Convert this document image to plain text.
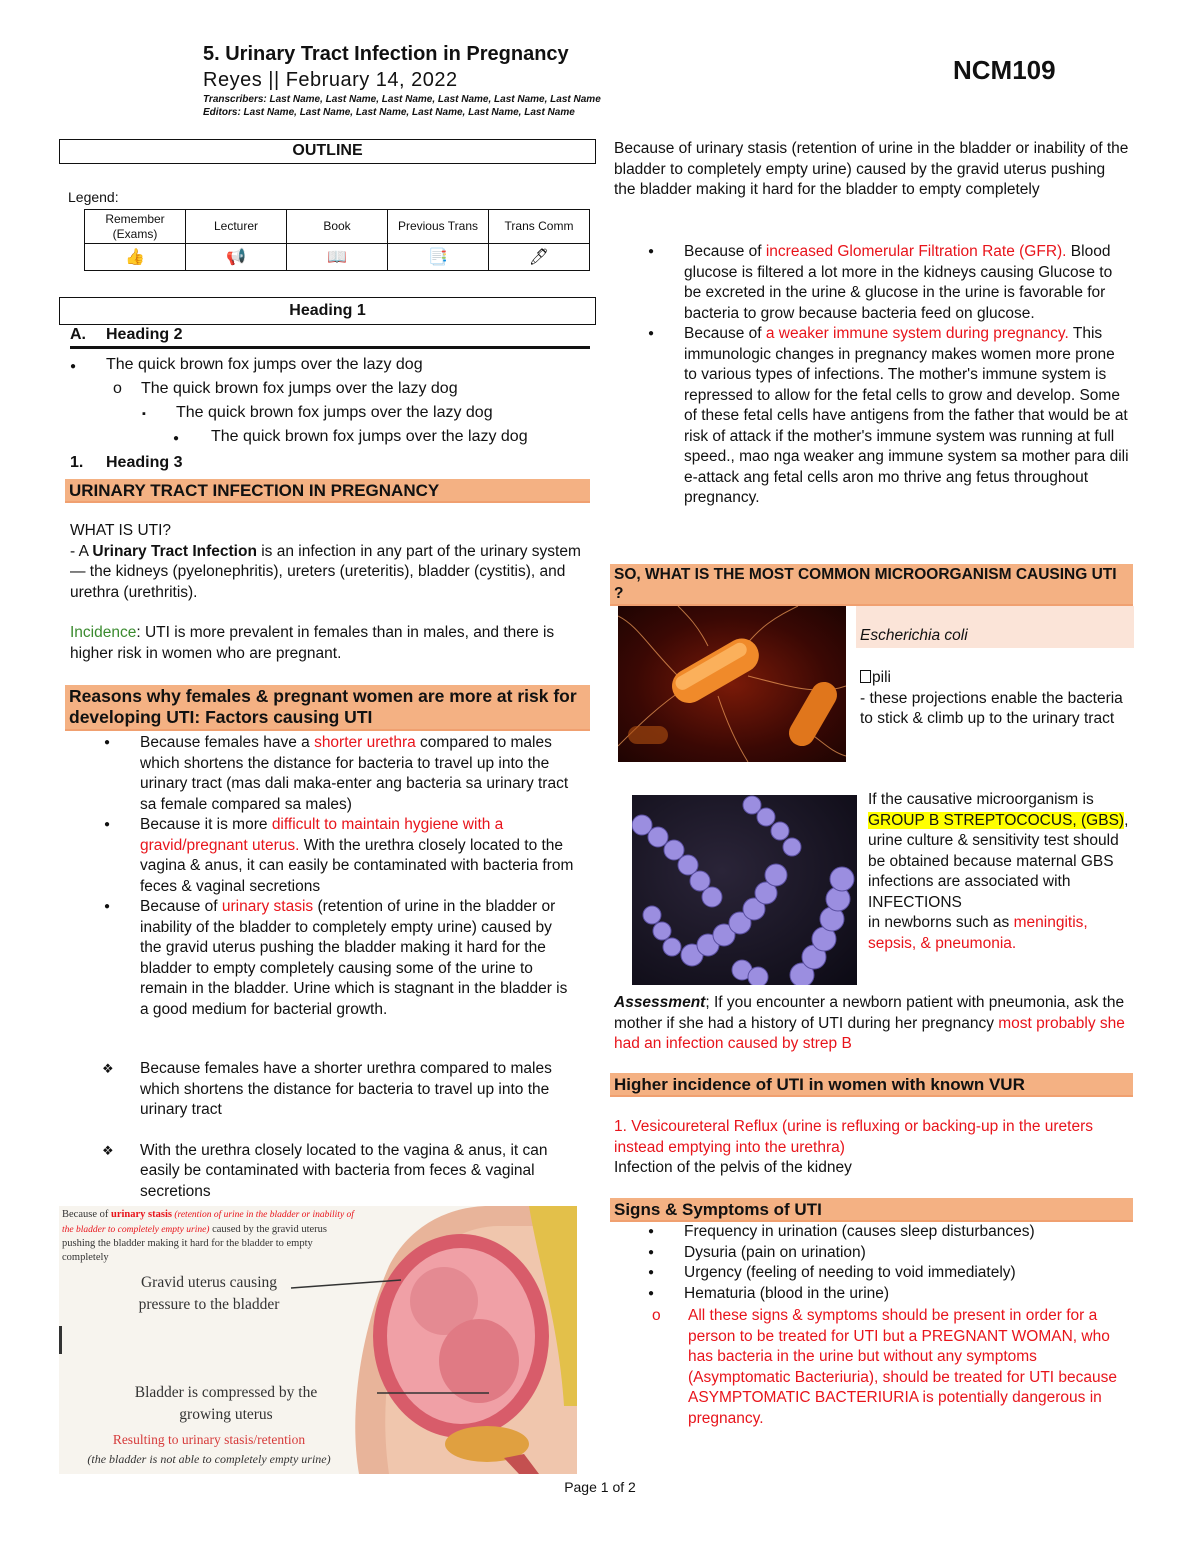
5. Urinary Tract Infection in Pregnancy
Reyes || February 14, 2022
Transcribers: Last Name, Last Name, Last Name, Last Name, Last Name, Last Name
Editors: Last Name, Last Name, Last Name, Last Name, Last Name, Last Name
NCM109
OUTLINE
Legend:
Remember (Exams)	Lecturer	Book	Previous Trans	Trans Comm
👍	📢	📖	📑	🖊
Heading 1
A. Heading 2
● The quick brown fox jumps over the lazy dog
o The quick brown fox jumps over the lazy dog
▪ The quick brown fox jumps over the lazy dog
● The quick brown fox jumps over the lazy dog
1. Heading 3
URINARY TRACT INFECTION IN PREGNANCY
WHAT IS UTI?
- A Urinary Tract Infection is an infection in any part of the urinary system — the kidneys (pyelonephritis), ureters (ureteritis), bladder (cystitis), and urethra (urethritis).
Incidence: UTI is more prevalent in females than in males, and there is higher risk in women who are pregnant.
Reasons why females & pregnant women are more at risk for developing UTI: Factors causing UTI
● Because females have a shorter urethra compared to males which shortens the distance for bacteria to travel up into the urinary tract (mas dali maka-enter ang bacteria sa urinary tract sa female compared sa males)
● Because it is more difficult to maintain hygiene with a gravid/pregnant uterus. With the urethra closely located to the vagina & anus, it can easily be contaminated with bacteria from feces & vaginal secretions
● Because of urinary stasis (retention of urine in the bladder or inability of the bladder to completely empty urine) caused by the gravid uterus pushing the bladder making it hard for the bladder to empty completely causing some of the urine to remain in the bladder. Urine which is stagnant in the bladder is a good medium for bacterial growth.
❖ Because females have a shorter urethra compared to males which shortens the distance for bacteria to travel up into the urinary tract
❖ With the urethra closely located to the vagina & anus, it can easily be contaminated with bacteria from feces & vaginal secretions
Because of urinary stasis (retention of urine in the bladder or inability of the bladder to completely empty urine) caused by the gravid uterus pushing the bladder making it hard for the bladder to empty completely
Gravid uterus causing pressure to the bladder
Bladder is compressed by the growing uterus
Resulting to urinary stasis/retention
(the bladder is not able to completely empty urine)
Because of urinary stasis (retention of urine in the bladder or inability of the bladder to completely empty urine) caused by the gravid uterus pushing the bladder making it hard for the bladder to empty completely
● Because of increased Glomerular Filtration Rate (GFR). Blood glucose is filtered a lot more in the kidneys causing Glucose to be excreted in the urine & glucose in the urine is favorable for bacteria to grow because bacteria feed on glucose.
● Because of a weaker immune system during pregnancy. This immunologic changes in pregnancy makes women more prone to various types of infections. The mother's immune system is repressed to allow for the fetal cells to grow and develop. Some of these fetal cells have antigens from the father that would be at risk of attack if the mother's immune system was running at full speed., mao nga weaker ang immune system sa mother para dili e-attack ang fetal cells aron mo thrive ang fetus throughout pregnancy.
SO, WHAT IS THE MOST COMMON MICROORGANISM CAUSING UTI ?
Escherichia coli
pili
- these projections enable the bacteria to stick & climb up to the urinary tract
If the causative microorganism is GROUP B STREPTOCOCUS, (GBS), urine culture & sensitivity test should be obtained because maternal GBS infections are associated with INFECTIONS
in newborns such as meningitis, sepsis, & pneumonia.
Assessment; If you encounter a newborn patient with pneumonia, ask the mother if she had a history of UTI during her pregnancy most probably she had an infection caused by strep B
Higher incidence of UTI in women with known VUR
1. Vesicoureteral Reflux (urine is refluxing or backing-up in the ureters instead emptying into the urethra)
Infection of the pelvis of the kidney
Signs & Symptoms of UTI
● Frequency in urination (causes sleep disturbances)
● Dysuria (pain on urination)
● Urgency (feeling of needing to void immediately)
● Hematuria (blood in the urine)
o	All these signs & symptoms should be present in order for a person to be treated for UTI but a PREGNANT WOMAN, who has bacteria in the urine but without any symptoms (Asymptomatic Bacteriuria), should be treated for UTI because ASYMPTOMATIC BACTERIURIA is potentially dangerous in pregnancy.
Page 1 of 2
